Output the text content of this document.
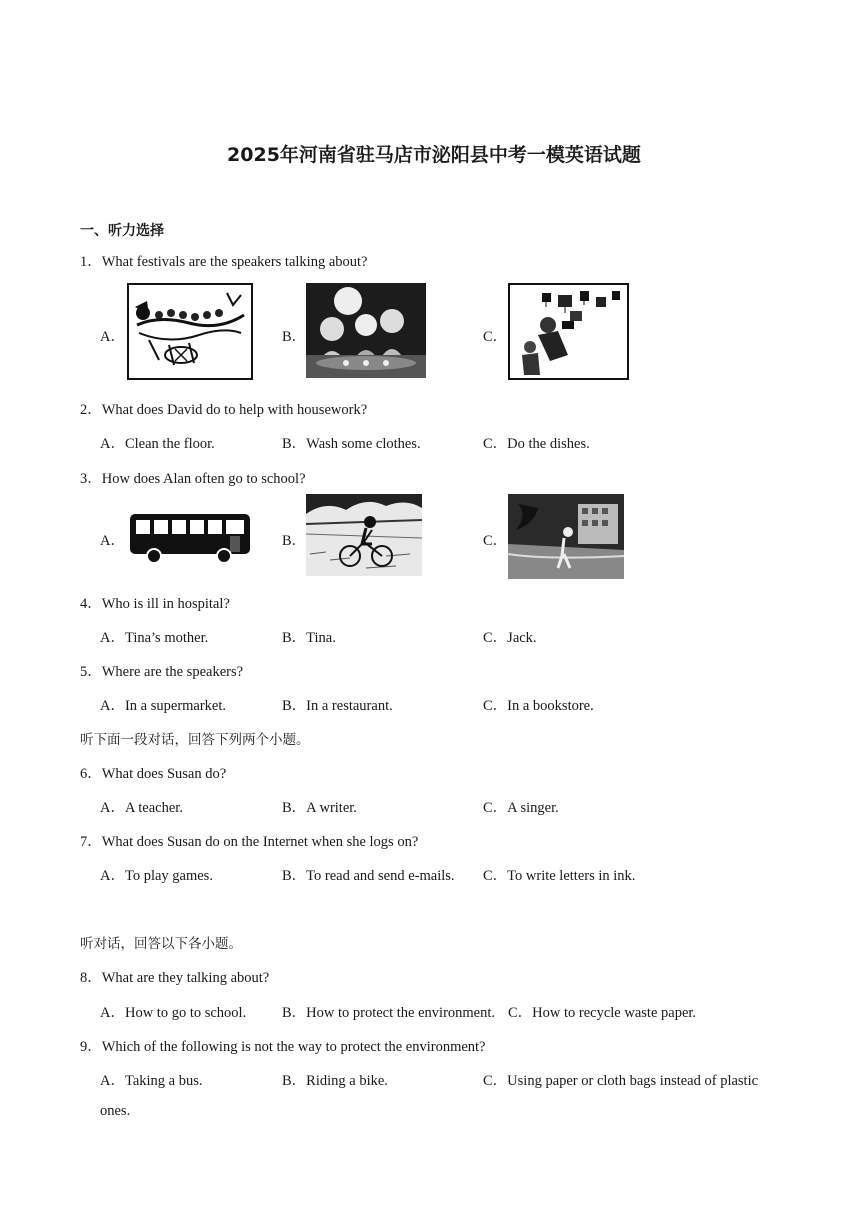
2025年河南省驻马店市泌阳县中考一模英语试题
一、听力选择
1．What festivals are the speakers talking about?
A．	B．	C．
2．What does David do to help with housework?
A．Clean the floor.	B．Wash some clothes.	C．Do the dishes.
3．How does Alan often go to school?
A．	B．	C．
4．Who is ill in hospital?
A．Tina’s mother.	B．Tina.	C．Jack.
5．Where are the speakers?
A．In a supermarket.	B．In a restaurant.	C．In a bookstore.
听下面一段对话，回答下列两个小题。
6．What does Susan do?
A．A teacher.	B．A writer.	C．A singer.
7．What does Susan do on the Internet when she logs on?
A．To play games.	B．To read and send e-mails. C．To write letters in ink.
听对话，回答以下各小题。
8．What are they talking about?
A．How to go to school. B．How to protect the environment. C．How to recycle waste paper.
9．Which of the following is not the way to protect the environment?
A．Taking a bus.	B．Riding a bike.	C．Using paper or cloth bags instead of plastic
ones.
